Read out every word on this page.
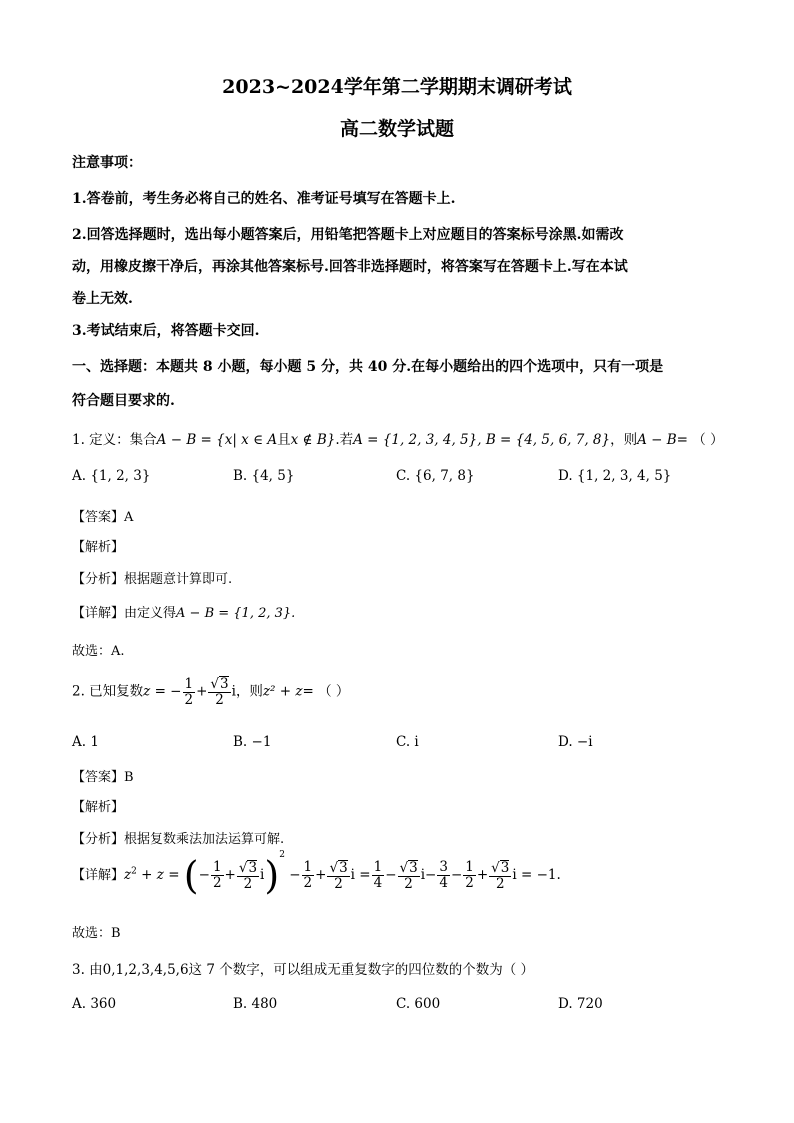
2023~2024学年第二学期期末调研考试
高二数学试题
注意事项：
1.答卷前，考生务必将自己的姓名、准考证号填写在答题卡上.
2.回答选择题时，选出每小题答案后，用铅笔把答题卡上对应题目的答案标号涂黑.如需改
动，用橡皮擦干净后，再涂其他答案标号.回答非选择题时，将答案写在答题卡上.写在本试
卷上无效.
3.考试结束后，将答题卡交回.
一、选择题：本题共 8 小题，每小题 5 分，共 40 分.在每小题给出的四个选项中，只有一项是
符合题目要求的.
1. 定义：集合A − B = {x| x ∈ A且x ∉ B}.若A = {1, 2, 3, 4, 5}, B = {4, 5, 6, 7, 8}，则A − B= （ ）
A. {1, 2, 3}	B. {4, 5}	C. {6, 7, 8}	D. {1, 2, 3, 4, 5}
【答案】A
【解析】
【分析】根据题意计算即可.
【详解】由定义得A − B = {1, 2, 3}.
故选：A.
2. 已知复数z = − $\frac{1}{2} + \frac{√3}{2}$ i，则z² + z= （ ）
A. 1	B. −1	C. i	D. −i
【答案】B
【解析】
【分析】根据复数乘法加法运算可解.
【详解】$z^2 + z$ = (− $\frac{1}{2} + \frac{√3}{2} i)^2 - \frac{1}{2} + \frac{√3}{2}$ $i = \frac{1}{4} - \frac{√3}{2} i- \frac{3}{4} - \frac{1}{2} + \frac{√3}{2}$ i = −1.
故选：B
3. 由0,1,2,3,4,5,6这 7 个数字，可以组成无重复数字的四位数的个数为（ ）
A. 360	B. 480	C. 600	D. 720
